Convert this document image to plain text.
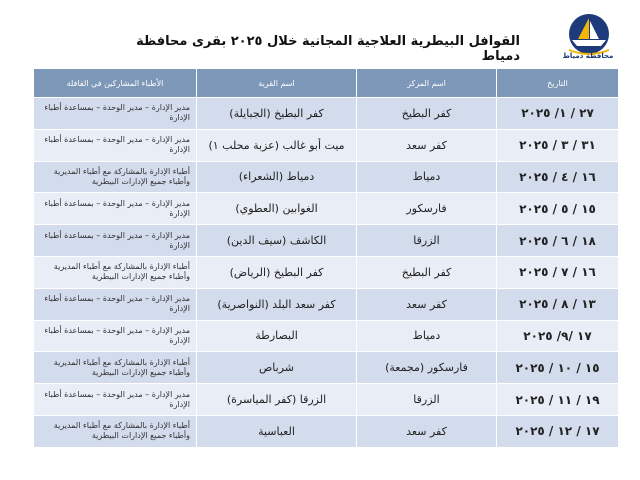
محافظة دمياط
القوافل البيطرية العلاجية المجانية خلال ٢٠٢٥ بقرى محافظة دمياط
التاريخ	اسم المركز	اسم القرية	الأطباء المشاركين في القافلة
٢٧ / ١/ ٢٠٢٥	كفر البطيخ	كفر البطيخ (الجبايلة)	مدير الإدارة – مدير الوحدة – بمساعدة أطباء الإدارة
٣١ / ٣ / ٢٠٢٥	كفر سعد	ميت أبو غالب (عزبة محلب ١)	مدير الإدارة – مدير الوحدة – بمساعدة أطباء الإدارة
١٦ / ٤ / ٢٠٢٥	دمياط	دمياط (الشعراء)	أطباء الإدارة بالمشاركة مع أطباء المديرية وأطباء جميع الإدارات البيطرية
١٥ / ٥ / ٢٠٢٥	فارسكور	الغوابين (العطوي)	مدير الإدارة – مدير الوحدة – بمساعدة أطباء الإدارة
١٨ / ٦ / ٢٠٢٥	الزرقا	الكاشف (سيف الدين)	مدير الإدارة – مدير الوحدة – بمساعدة أطباء الإدارة
١٦ / ٧ / ٢٠٢٥	كفر البطيخ	كفر البطيخ (الرياض)	أطباء الإدارة بالمشاركة مع أطباء المديرية وأطباء جميع الإدارات البيطرية
١٣ / ٨ / ٢٠٢٥	كفر سعد	كفر سعد البلد (النواصرية)	مدير الإدارة – مدير الوحدة – بمساعدة أطباء الإدارة
١٧ /٩/ ٢٠٢٥	دمياط	البصارطة	مدير الإدارة – مدير الوحدة – بمساعدة أطباء الإدارة
١٥ / ١٠ / ٢٠٢٥	فارسكور (مجمعة)	شرباص	أطباء الإدارة بالمشاركة مع أطباء المديرية وأطباء جميع الإدارات البيطرية
١٩ / ١١ / ٢٠٢٥	الزرقا	الزرقا (كفر المياسرة)	مدير الإدارة – مدير الوحدة – بمساعدة أطباء الإدارة
١٧ / ١٢ / ٢٠٢٥	كفر سعد	العباسية	أطباء الإدارة بالمشاركة مع أطباء المديرية وأطباء جميع الإدارات البيطرية
